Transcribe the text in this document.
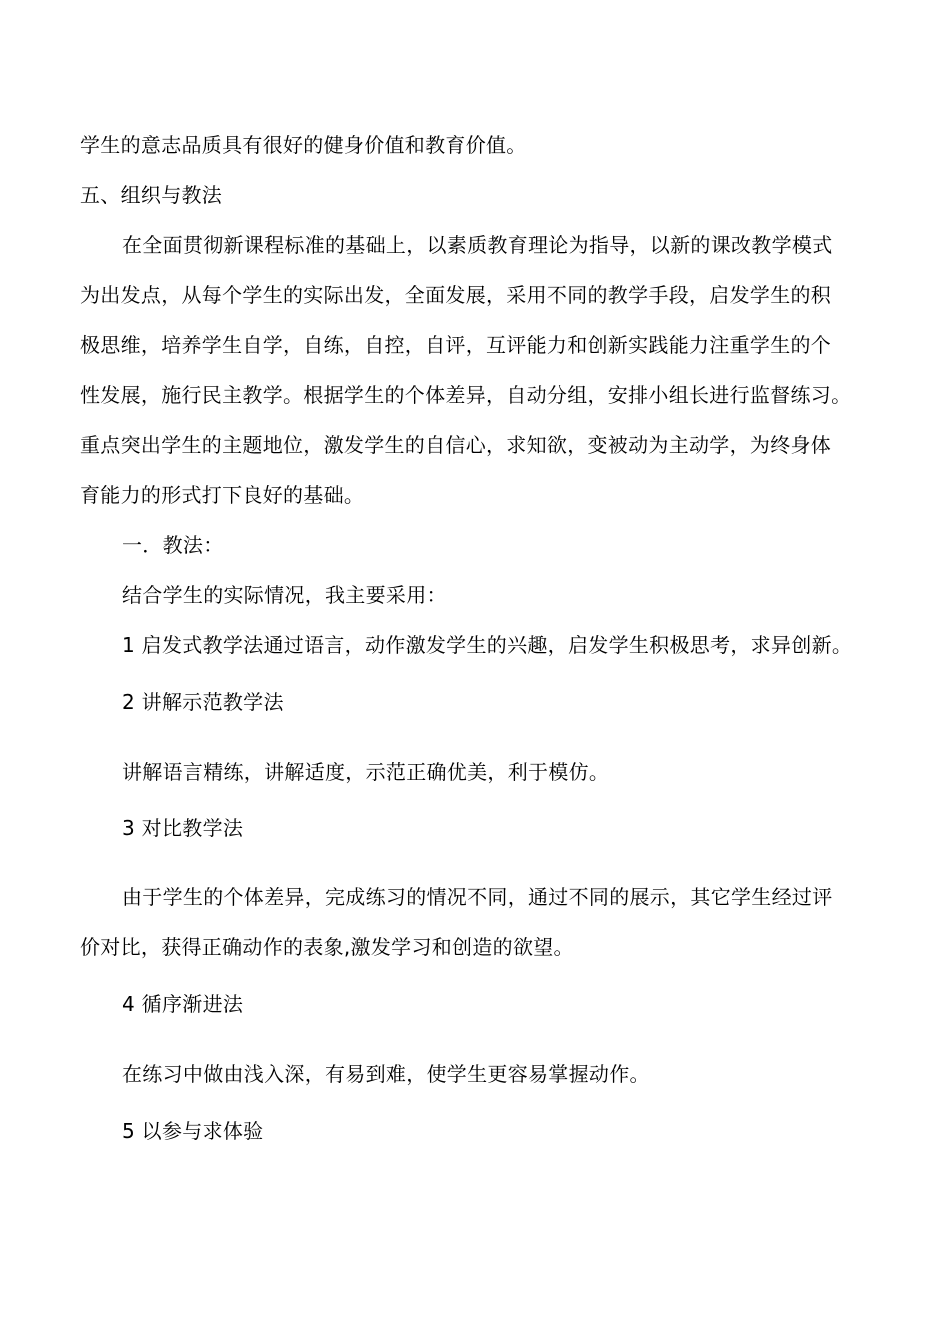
学生的意志品质具有很好的健身价值和教育价值。
五、组织与教法
在全面贯彻新课程标准的基础上，以素质教育理论为指导，以新的课改教学模式
为出发点，从每个学生的实际出发，全面发展，采用不同的教学手段，启发学生的积
极思维，培养学生自学，自练，自控，自评，互评能力和创新实践能力注重学生的个
性发展，施行民主教学。根据学生的个体差异，自动分组，安排小组长进行监督练习。
重点突出学生的主题地位，激发学生的自信心，求知欲，变被动为主动学，为终身体
育能力的形式打下良好的基础。
一．教法：
结合学生的实际情况，我主要采用：
1 启发式教学法通过语言，动作激发学生的兴趣，启发学生积极思考，求异创新。
2 讲解示范教学法
讲解语言精练，讲解适度，示范正确优美，利于模仿。
3 对比教学法
由于学生的个体差异，完成练习的情况不同，通过不同的展示，其它学生经过评
价对比，获得正确动作的表象,激发学习和创造的欲望。
4 循序渐进法
在练习中做由浅入深，有易到难，使学生更容易掌握动作。
5 以参与求体验
